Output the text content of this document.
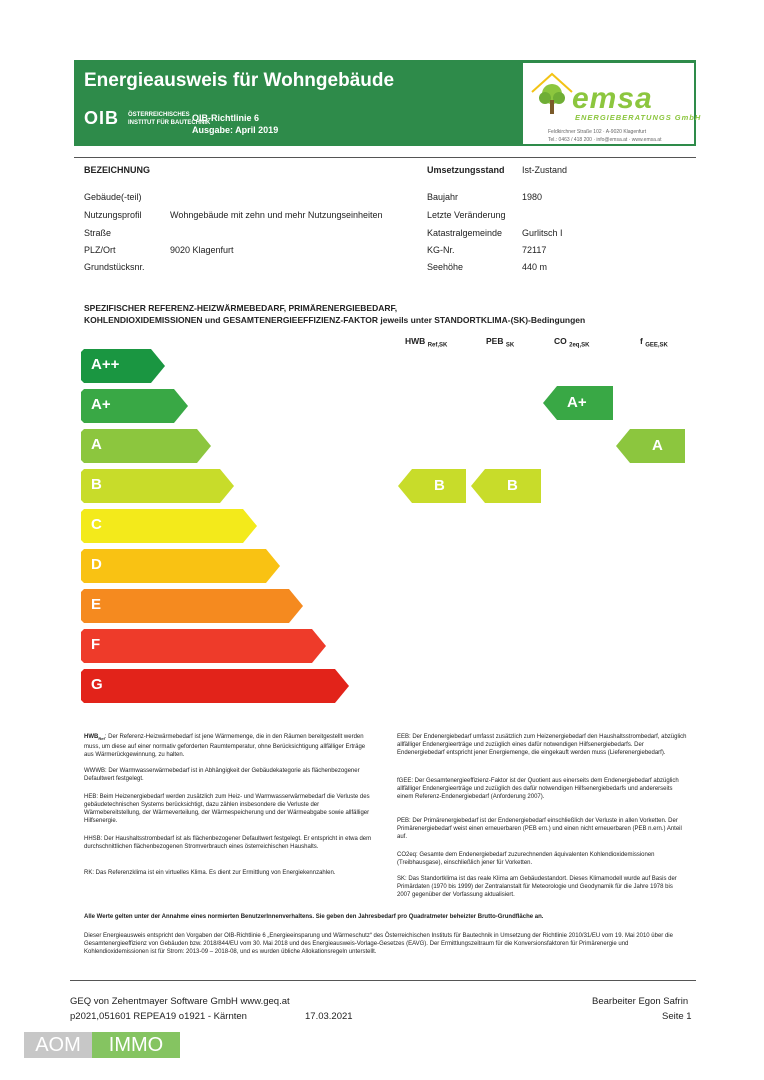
Energieausweis für Wohngebäude
OIB ÖSTERREICHISCHES INSTITUT FÜR BAUTECHNIK
OIB-Richtlinie 6
Ausgabe: April 2019
emsa
ENERGIEBERATUNGS GmbH
Feldkirchner Straße 102 · A-9020 Klagenfurt
Tel.: 0463 / 418 200 · info@emsa.at · www.emsa.at
BEZEICHNUNG	Umsetzungsstand Ist-Zustand
Gebäude(-teil)
Nutzungsprofil	Wohngebäude mit zehn und mehr Nutzungseinheiten
Straße
PLZ/Ort	9020 Klagenfurt
Grundstücksnr.
Baujahr	1980
Letzte Veränderung
Katastralgemeinde Gurlitsch I
KG-Nr.	72117
Seehöhe	440 m
SPEZIFISCHER REFERENZ-HEIZWÄRMEBEDARF, PRIMÄRENERGIEBEDARF,
KOHLENDIOXIDEMISSIONEN und GESAMTENERGIEEFFIZIENZ-FAKTOR jeweils unter STANDORTKLIMA-(SK)-Bedingungen
HWB $_{Ref,SK}$	PEB $_{SK}$	CO $_{2eq,SK}$	f $_{GEE,SK}$
A++
A+
A
B
C
D
E
F
G
B	B
A+
A
$HWB_{Ref}$: Der Referenz-Heizwärmebedarf ist jene Wärmemenge, die in den Räumen bereitgestellt werden muss, um diese auf einer normativ geforderten Raumtemperatur, ohne Berücksichtigung allfälliger Erträge aus Wärmerückgewinnung, zu halten.
WWWB: Der Warmwasserwärmebedarf ist in Abhängigkeit der Gebäudekategorie als flächenbezogener Defaultwert festgelegt.
HEB: Beim Heizenergiebedarf werden zusätzlich zum Heiz- und Warmwasserwärmebedarf die Verluste des gebäudetechnischen Systems berücksichtigt, dazu zählen insbesondere die Verluste der Wärmebereitstellung, der Wärmeverteilung, der Wärmespeicherung und der Wärmeabgabe sowie allfälliger Hilfsenergie.
HHSB: Der Haushaltsstrombedarf ist als flächenbezogener Defaultwert festgelegt. Er entspricht in etwa dem durchschnittlichen flächenbezogenen Stromverbrauch eines österreichischen Haushalts.
RK: Das Referenzklima ist ein virtuelles Klima. Es dient zur Ermittlung von Energiekennzahlen.
EEB: Der Endenergiebedarf umfasst zusätzlich zum Heizenergiebedarf den Haushaltsstrombedarf, abzüglich allfälliger Endenergieerträge und zuzüglich eines dafür notwendigen Hilfsenergiebedarfs. Der Endenergiebedarf entspricht jener Energiemenge, die eingekauft werden muss (Lieferenergiebedarf).
fGEE: Der Gesamtenergieeffizienz-Faktor ist der Quotient aus einerseits dem Endenergiebedarf abzüglich allfälliger Endenergieerträge und zuzüglich des dafür notwendigen Hilfsenergiebedarfs und andererseits einem Referenz-Endenergiebedarf (Anforderung 2007).
PEB: Der Primärenergiebedarf ist der Endenergiebedarf einschließlich der Verluste in allen Vorketten. Der Primärenergiebedarf weist einen erneuerbaren (PEB ern.) und einen nicht erneuerbaren (PEB n.ern.) Anteil auf.
CO2eq: Gesamte dem Endenergiebedarf zuzurechnenden äquivalenten Kohlendioxidemissionen (Treibhausgase), einschließlich jener für Vorketten.
SK: Das Standortklima ist das reale Klima am Gebäudestandort. Dieses Klimamodell wurde auf Basis der Primärdaten (1970 bis 1999) der Zentralanstalt für Meteorologie und Geodynamik für die Jahre 1978 bis 2007 gegenüber der Vorfassung aktualisiert.
Alle Werte gelten unter der Annahme eines normierten BenutzerInnenverhaltens. Sie geben den Jahresbedarf pro Quadratmeter beheizter Brutto-Grundfläche an.
Dieser Energieausweis entspricht den Vorgaben der OIB-Richtlinie 6 „Energieeinsparung und Wärmeschutz“ des Österreichischen Instituts für Bautechnik in Umsetzung der Richtlinie 2010/31/EU vom 19. Mai 2010 über die Gesamtenergieeffizienz von Gebäuden bzw. 2018/844/EU vom 30. Mai 2018 und des Energieausweis-Vorlage-Gesetzes (EAVG). Der Ermittlungszeitraum für die Konversionsfaktoren für Primärenergie und Kohlendioxidemissionen ist für Strom: 2013-09 – 2018-08, und es wurden übliche Allokationsregeln unterstellt.
GEQ von Zehentmayer Software GmbH www.geq.at
p2021,051601 REPEA19 o1921 - Kärnten	17.03.2021
Bearbeiter Egon Safrin
Seite 1
AOM	IMMO
